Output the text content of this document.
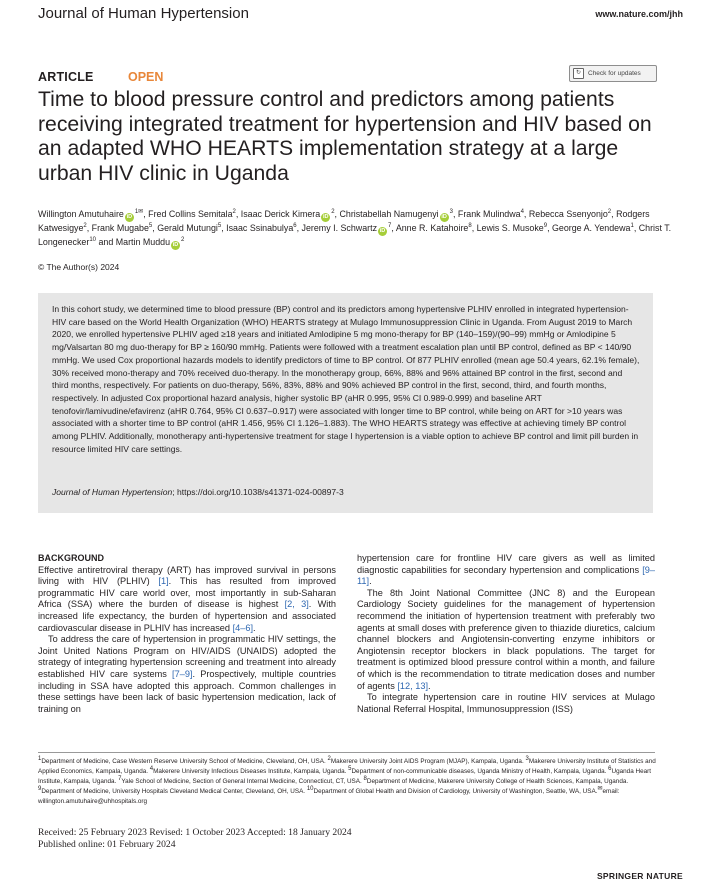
Journal of Human Hypertension	www.nature.com/jhh
ARTICLE	OPEN	↻	Check for updates
Time to blood pressure control and predictors among patients receiving integrated treatment for hypertension and HIV based on an adapted WHO HEARTS implementation strategy at a large urban HIV clinic in Uganda
Willington Amutuhaire $iD^{1✉}$, Fred Collins Semitala$^2$, Isaac Derick Kimera $iD^2$, Christabellah Namugenyi $iD^3$, Frank Mulindwa$^4$, Rebecca Ssenyonjo$^2$, Rodgers Katwesigye$^2$, Frank Mugabe$^5$, Gerald Mutungi$^5$, Isaac Ssinabulya$^6$, Jeremy I. Schwartz $iD^7$, Anne R. Katahoire$^8$, Lewis S. Musoke$^9$, George A. Yendewa$^1$, Christ T. Longenecker$^{10}$ and Martin Muddu $iD^2$
© The Author(s) 2024
In this cohort study, we determined time to blood pressure (BP) control and its predictors among hypertensive PLHIV enrolled in integrated hypertension-HIV care based on the World Health Organization (WHO) HEARTS strategy at Mulago Immunosuppression Clinic in Uganda. From August 2019 to March 2020, we enrolled hypertensive PLHIV aged ≥18 years and initiated Amlodipine 5 mg mono-therapy for BP (140–159)/(90–99) mmHg or Amlodipine 5 mg/Valsartan 80 mg duo-therapy for BP ≥ 160/90 mmHg. Patients were followed with a treatment escalation plan until BP control, defined as BP < 140/90 mmHg. We used Cox proportional hazards models to identify predictors of time to BP control. Of 877 PLHIV enrolled (mean age 50.4 years, 62.1% female), 30% received mono-therapy and 70% received duo-therapy. In the monotherapy group, 66%, 88% and 96% attained BP control in the first, second and third months, respectively. For patients on duo-therapy, 56%, 83%, 88% and 90% achieved BP control in the first, second, third, and fourth months, respectively. In adjusted Cox proportional hazard analysis, higher systolic BP (aHR 0.995, 95% CI 0.989-0.999) and baseline ART tenofovir/lamivudine/efavirenz (aHR 0.764, 95% CI 0.637–0.917) were associated with longer time to BP control, while being on ART for >10 years was associated with a shorter time to BP control (aHR 1.456, 95% CI 1.126–1.883). The WHO HEARTS strategy was effective at achieving timely BP control among PLHIV. Additionally, monotherapy anti-hypertensive treatment for stage I hypertension is a viable option to achieve BP control and limit pill burden in resource limited HIV care settings.
Journal of Human Hypertension; https://doi.org/10.1038/s41371-024-00897-3
BACKGROUND

Effective antiretroviral therapy (ART) has improved survival in persons living with HIV (PLHIV) [1]. This has resulted from improved programmatic HIV care world over, most importantly in sub-Saharan Africa (SSA) where the burden of disease is highest [2, 3]. With increased life expectancy, the burden of hypertension and associated cardiovascular disease in PLHIV has increased [4–6].

To address the care of hypertension in programmatic HIV settings, the Joint United Nations Program on HIV/AIDS (UNAIDS) adopted the strategy of integrating hypertension screening and treatment into already established HIV care systems [7–9]. Prospectively, multiple countries including in SSA have adopted this approach. Common challenges in these settings have been lack of basic hypertension medication, lack of training on

hypertension care for frontline HIV care givers as well as limited diagnostic capabilities for secondary hypertension and complications [9–11].

The 8th Joint National Committee (JNC 8) and the European Cardiology Society guidelines for the management of hypertension recommend the initiation of hypertension treatment with preferably two agents at small doses with preference given to thiazide diuretics, calcium channel blockers and Angiotensin-converting enzyme inhibitors or Angiotensin receptor blockers in black populations. The target for treatment is optimized blood pressure control within a month, and failure of which is the recommendation to titrate medication doses and number of agents [12, 13].

To integrate hypertension care in routine HIV services at Mulago National Referral Hospital, Immunosuppression (ISS)

$^1$Department of Medicine, Case Western Reserve University School of Medicine, Cleveland, OH, USA. $^2$Makerere University Joint AIDS Program (MJAP), Kampala, Uganda. $^3$Makerere University Institute of Statistics and Applied Economics, Kampala, Uganda. $^4$Makerere University Infectious Diseases Institute, Kampala, Uganda. $^5$Department of non-communicable diseases, Uganda Ministry of Health, Kampala, Uganda. $^6$Uganda Heart Institute, Kampala, Uganda. $^7$Yale School of Medicine, Section of General Internal Medicine, Connecticut, CT, USA. $^8$Department of Medicine, Makerere University College of Health Sciences, Kampala, Uganda. $^9$Department of Medicine, University Hospitals Cleveland Medical Center, Cleveland, OH, USA. $^{10}$Department of Global Health and Division of Cardiology, University of Washington, Seattle, WA, USA.✉email: willington.amutuhaire@uhhospitals.org
Received: 25 February 2023 Revised: 1 October 2023 Accepted: 18 January 2024
Published online: 01 February 2024
SPRINGER NATURE
